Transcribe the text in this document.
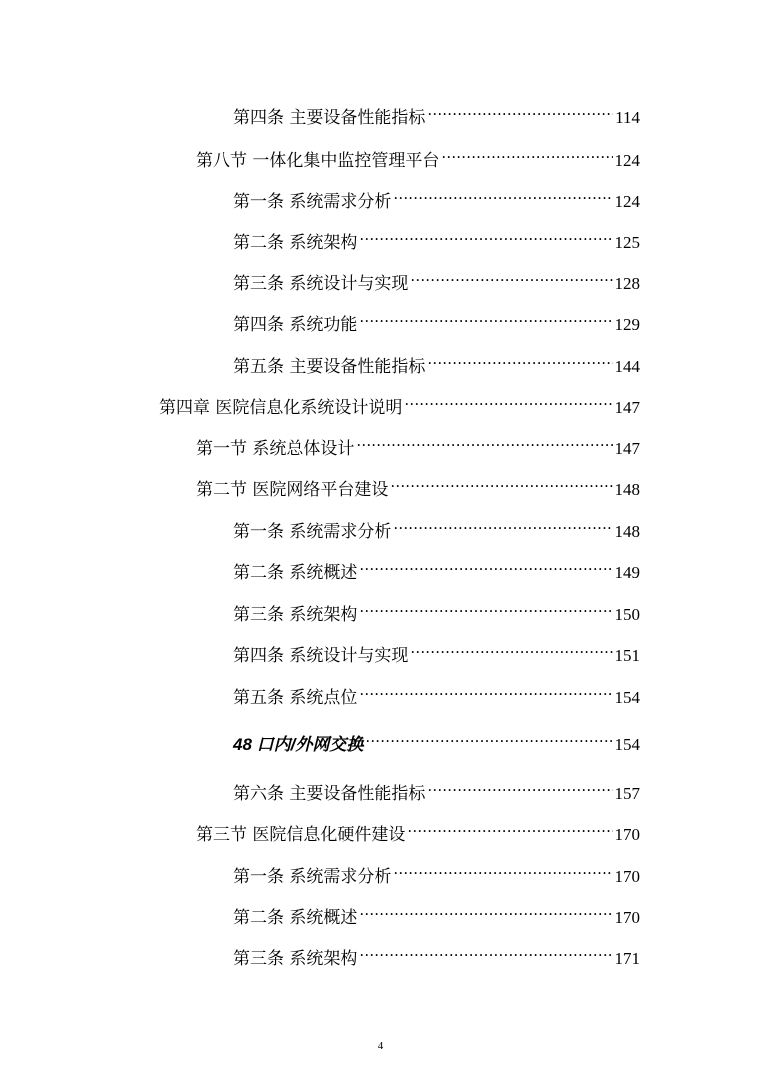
第四条 主要设备性能指标 .....	114
第八节 一体化集中监控管理平台 .....	124
第一条 系统需求分析 .....	124
第二条 系统架构 .....	125
第三条 系统设计与实现 .....	128
第四条 系统功能 .....	129
第五条 主要设备性能指标 .....	144
第四章 医院信息化系统设计说明 .....	147
第一节 系统总体设计 .....	147
第二节 医院网络平台建设 .....	148
第一条 系统需求分析 .....	148
第二条 系统概述 .....	149
第三条 系统架构 .....	150
第四条 系统设计与实现 .....	151
第五条 系统点位 .....	154
48 口内/外网交换 .....	154
第六条 主要设备性能指标 .....	157
第三节 医院信息化硬件建设 .....	170
第一条 系统需求分析 .....	170
第二条 系统概述 .....	170
第三条 系统架构 .....	171
4
